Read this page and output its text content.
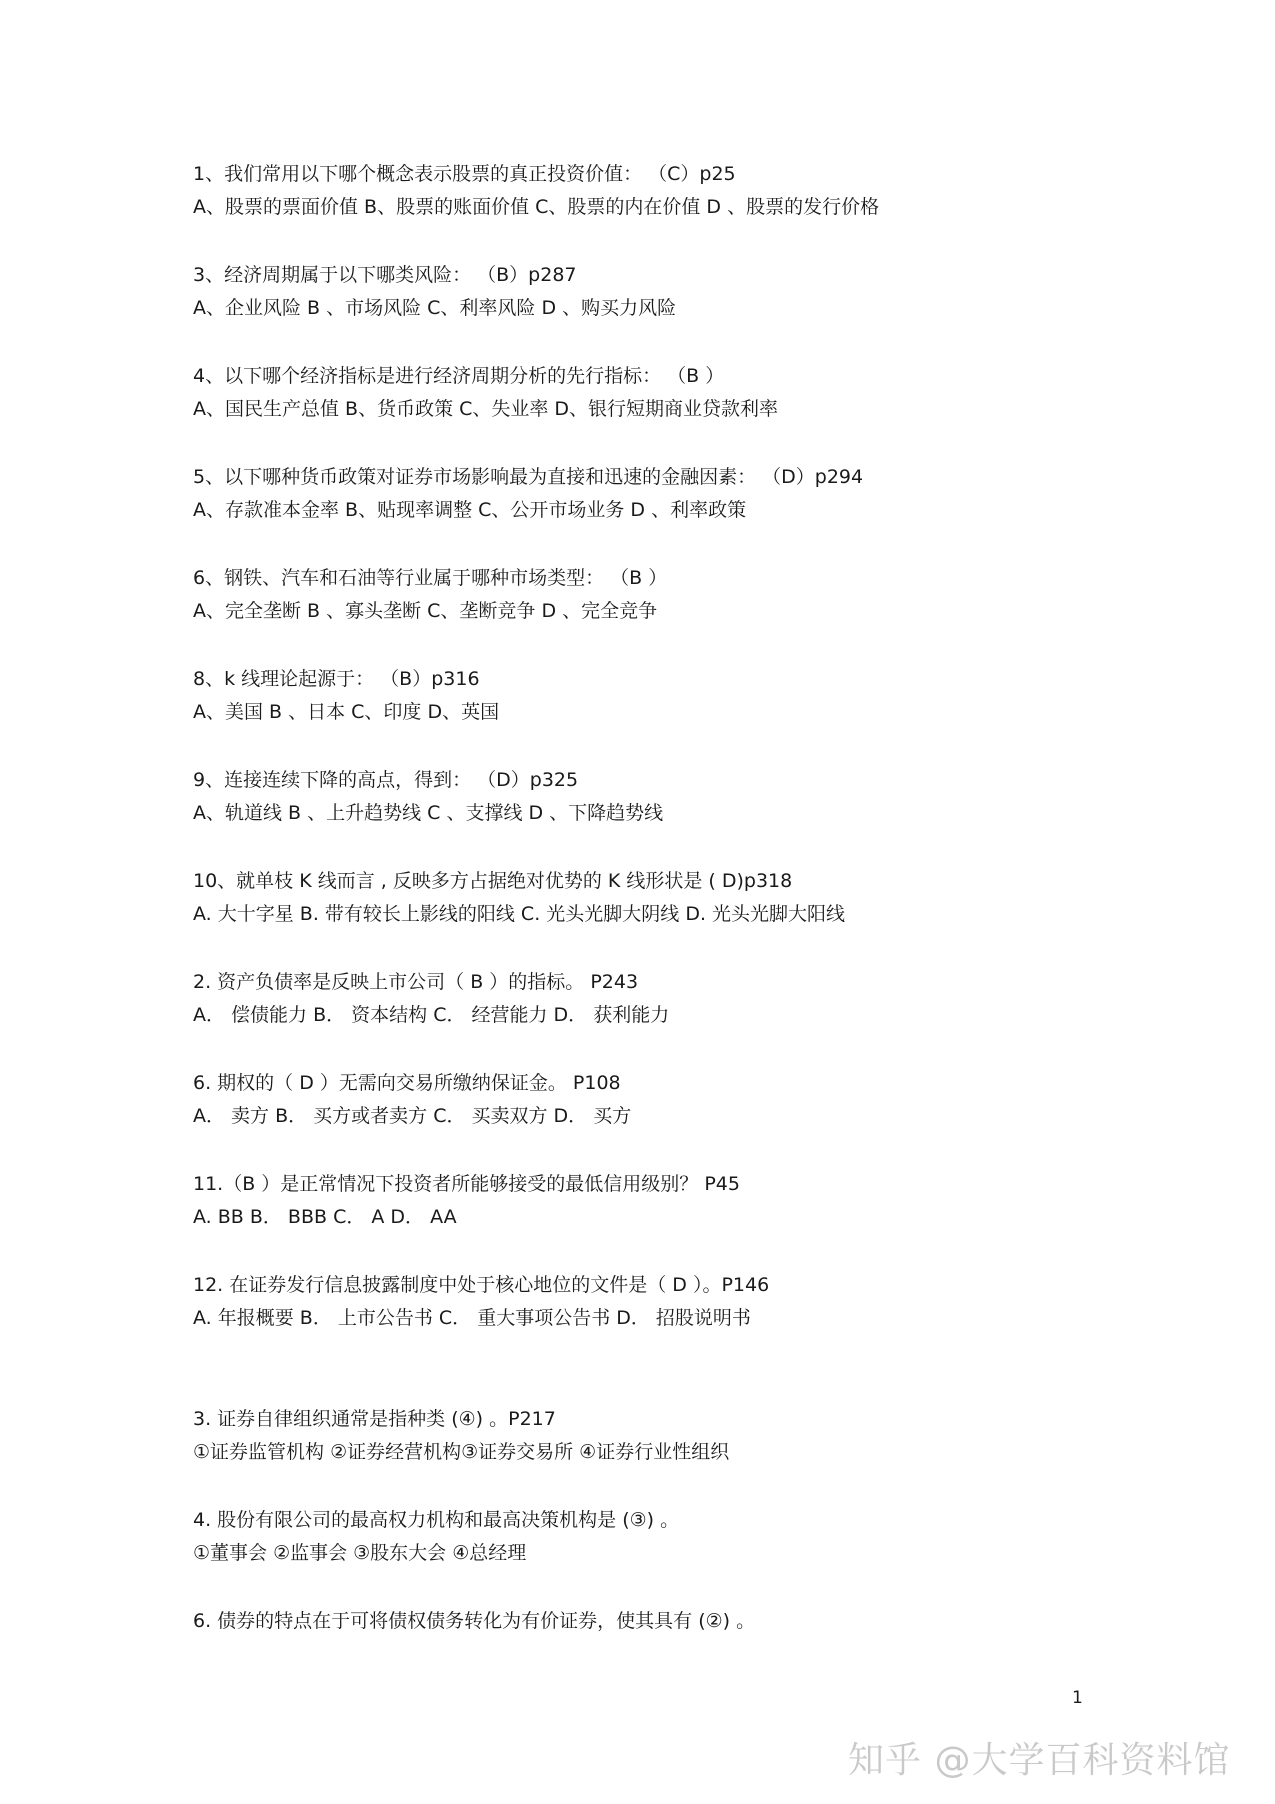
1、我们常用以下哪个概念表示股票的真正投资价值： （C）p25
A、股票的票面价值 B、股票的账面价值 C、股票的内在价值 D 、股票的发行价格
3、经济周期属于以下哪类风险： （B）p287
A、企业风险 B 、市场风险 C、利率风险 D 、购买力风险
4、以下哪个经济指标是进行经济周期分析的先行指标： （B ）
A、国民生产总值 B、货币政策 C、失业率 D、银行短期商业贷款利率
5、以下哪种货币政策对证券市场影响最为直接和迅速的金融因素： （D）p294
A、存款准本金率 B、贴现率调整 C、公开市场业务 D 、利率政策
6、钢铁、汽车和石油等行业属于哪种市场类型： （B ）
A、完全垄断 B 、寡头垄断 C、垄断竞争 D 、完全竞争
8、k 线理论起源于： （B）p316
A、美国 B 、日本 C、印度 D、英国
9、连接连续下降的高点，得到： （D）p325
A、轨道线 B 、上升趋势线 C 、支撑线 D 、下降趋势线
10、就单枝 K 线而言 , 反映多方占据绝对优势的 K 线形状是 ( D)p318
A. 大十字星 B. 带有较长上影线的阳线 C. 光头光脚大阴线 D. 光头光脚大阳线
2. 资产负债率是反映上市公司（ B ）的指标。 P243
A． 偿债能力 B． 资本结构 C． 经营能力 D． 获利能力
6. 期权的（ D ）无需向交易所缴纳保证金。 P108
A． 卖方 B． 买方或者卖方 C． 买卖双方 D． 买方
11.（B ）是正常情况下投资者所能够接受的最低信用级别？ P45
A. BB B． BBB C． A D． AA
12. 在证券发行信息披露制度中处于核心地位的文件是（ D ）。P146
A. 年报概要 B． 上市公告书 C． 重大事项公告书 D． 招股说明书
3. 证券自律组织通常是指种类 (④) 。P217
①证券监管机构 ②证券经营机构③证券交易所 ④证券行业性组织
4. 股份有限公司的最高权力机构和最高决策机构是 (③) 。
①董事会 ②监事会 ③股东大会 ④总经理
6. 债券的特点在于可将债权债务转化为有价证券，使其具有 (②) 。
1
知乎 @大学百科资料馆
